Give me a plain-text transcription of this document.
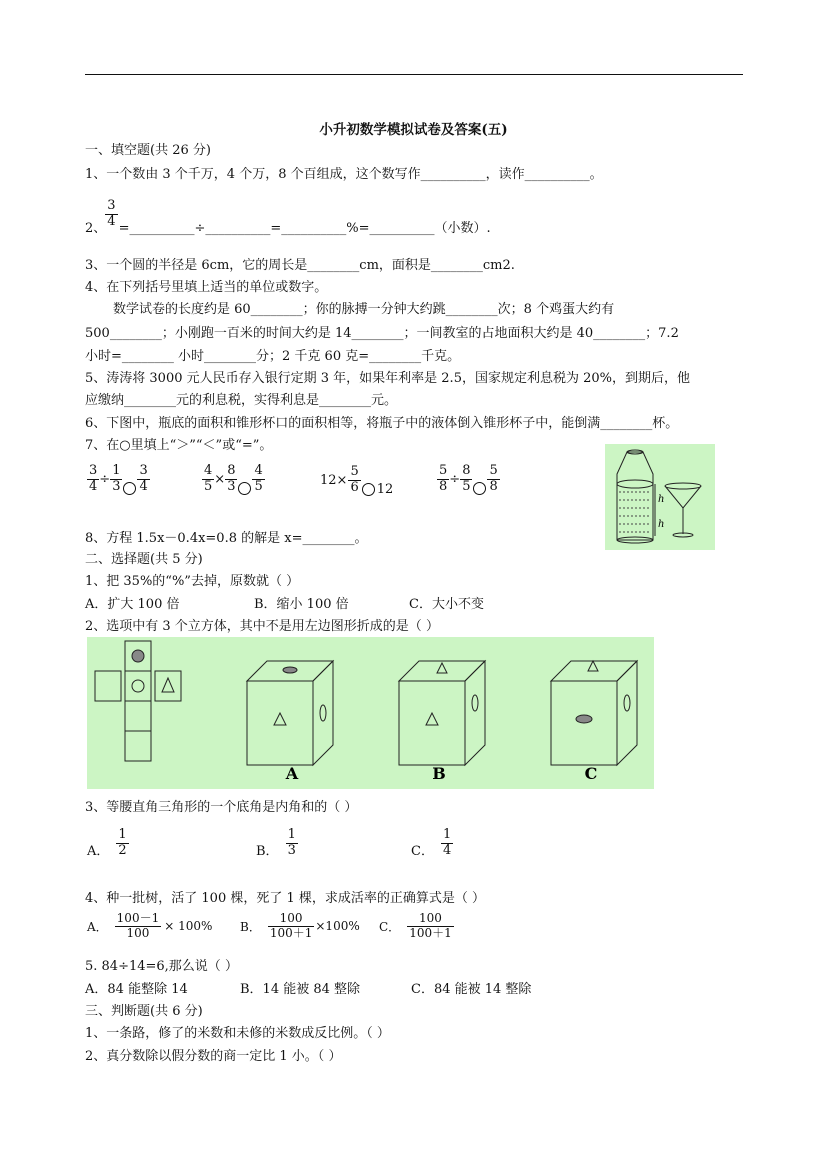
小升初数学模拟试卷及答案(五)
一、填空题(共 26 分)
1、一个数由 3 个千万，4 个万，8 个百组成，这个数写作__________，读作__________。
2、 $\frac{3}{4}$ =__________÷__________=__________%=__________（小数）.
3、一个圆的半径是 6cm，它的周长是________cm，面积是________cm2.
4、在下列括号里填上适当的单位或数字。
数学试卷的长度约是 60________；你的脉搏一分钟大约跳________次；8 个鸡蛋大约有
500________；小刚跑一百米的时间大约是 14________；一间教室的占地面积大约是 40________；7.2
小时=________ 小时________分；2 千克 60 克=________千克。
5、涛涛将 3000 元人民币存入银行定期 3 年，如果年利率是 2.5，国家规定利息税为 20%，到期后，他
应缴纳________元的利息税，实得利息是________元。
6、下图中，瓶底的面积和锥形杯口的面积相等，将瓶子中的液体倒入锥形杯子中，能倒满________杯。
7、在○里填上“＞”“＜”或“=”。
$\frac{3}{4} \div \frac{1}{3} \frac{3}{4}$	$\frac{4}{5} \times \frac{8}{3} \frac{4}{5}$	$12\times \frac{5}{6} 12$	$\frac{5}{8} \div \frac{8}{5} \frac{5}{8}$
h
h
8、方程 1.5x－0.4x=0.8 的解是 x=________。
二、选择题(共 5 分)
1、把 35%的“%”去掉，原数就（ ）
A．扩大 100 倍	B．缩小 100 倍	C．大小不变
2、选项中有 3 个立方体，其中不是用左边图形折成的是（ ）
A	B	C
3、等腰直角三角形的一个底角是内角和的（ ）
A． $\frac{1}{2}$	B． $\frac{1}{3}$	C． $\frac{1}{4}$
4、种一批树，活了 100 棵，死了 1 棵，求成活率的正确算式是（ ）
A． $\frac{100-1}{100} \times 100\%$ B． $\frac{100}{100+1} \times 100\%$ C． $\frac{100}{100+1}$
5. 84÷14=6,那么说（ ）
A．84 能整除 14	B．14 能被 84 整除	C．84 能被 14 整除
三、判断题(共 6 分)
1、一条路，修了的米数和未修的米数成反比例。（ ）
2、真分数除以假分数的商一定比 1 小。（ ）
